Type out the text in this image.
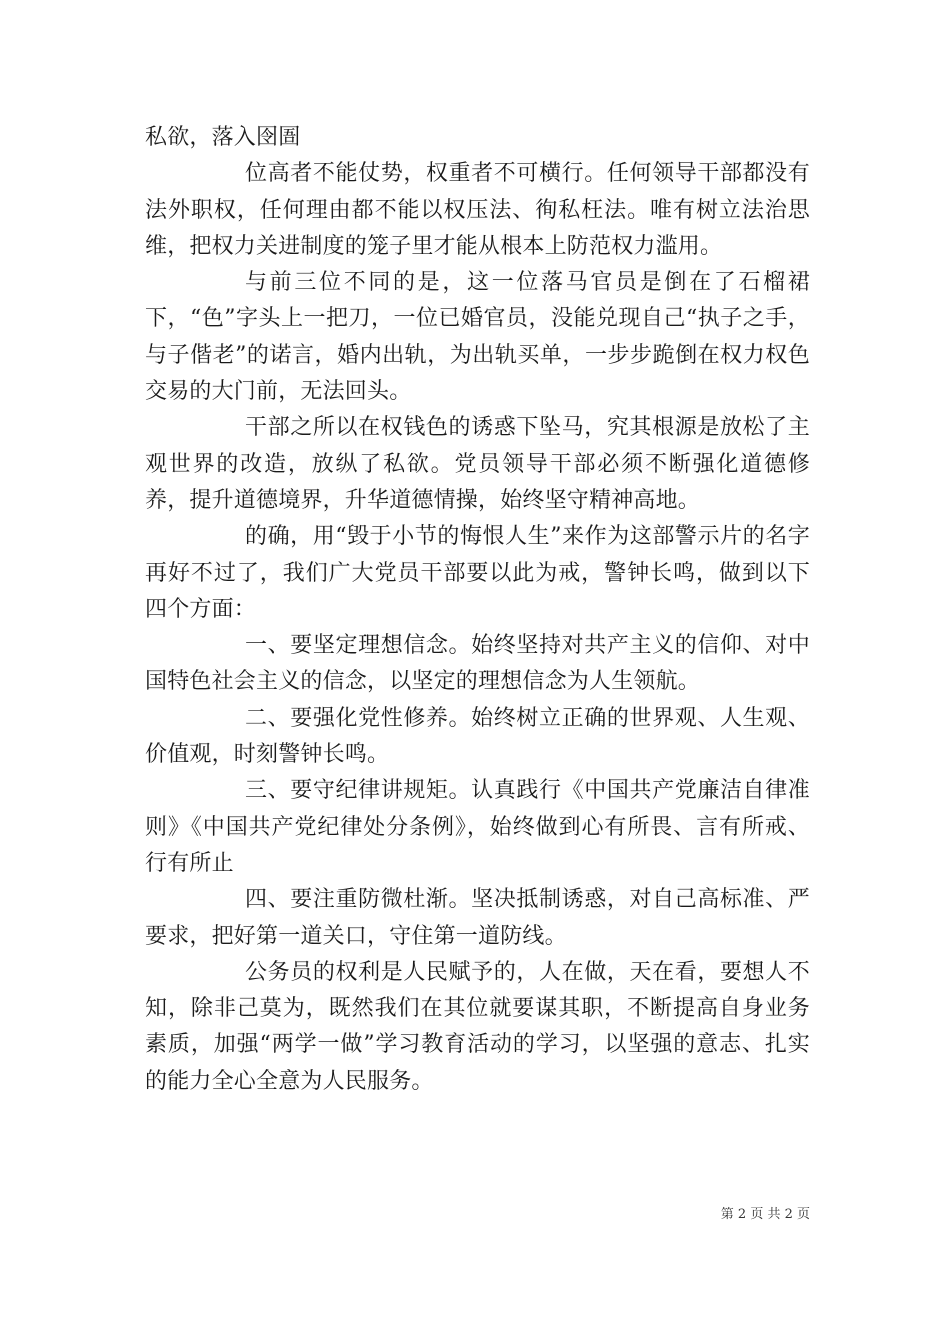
私欲，落入囹圄

位高者不能仗势，权重者不可横行。任何领导干部都没有法外职权，任何理由都不能以权压法、徇私枉法。唯有树立法治思维，把权力关进制度的笼子里才能从根本上防范权力滥用。

与前三位不同的是，这一位落马官员是倒在了石榴裙下，“色”字头上一把刀，一位已婚官员，没能兑现自己“执子之手，与子偕老”的诺言，婚内出轨，为出轨买单，一步步跪倒在权力权色交易的大门前，无法回头。

干部之所以在权钱色的诱惑下坠马，究其根源是放松了主观世界的改造，放纵了私欲。党员领导干部必须不断强化道德修养，提升道德境界，升华道德情操，始终坚守精神高地。

的确，用“毁于小节的悔恨人生”来作为这部警示片的名字再好不过了，我们广大党员干部要以此为戒，警钟长鸣，做到以下四个方面：

一、要坚定理想信念。始终坚持对共产主义的信仰、对中国特色社会主义的信念，以坚定的理想信念为人生领航。

二、要强化党性修养。始终树立正确的世界观、人生观、价值观，时刻警钟长鸣。

三、要守纪律讲规矩。认真践行《中国共产党廉洁自律准则》《中国共产党纪律处分条例》，始终做到心有所畏、言有所戒、行有所止

四、要注重防微杜渐。坚决抵制诱惑，对自己高标准、严要求，把好第一道关口，守住第一道防线。

公务员的权利是人民赋予的，人在做，天在看，要想人不知，除非己莫为，既然我们在其位就要谋其职，不断提高自身业务素质，加强“两学一做”学习教育活动的学习，以坚强的意志、扎实的能力全心全意为人民服务。

第 2 页 共 2 页
